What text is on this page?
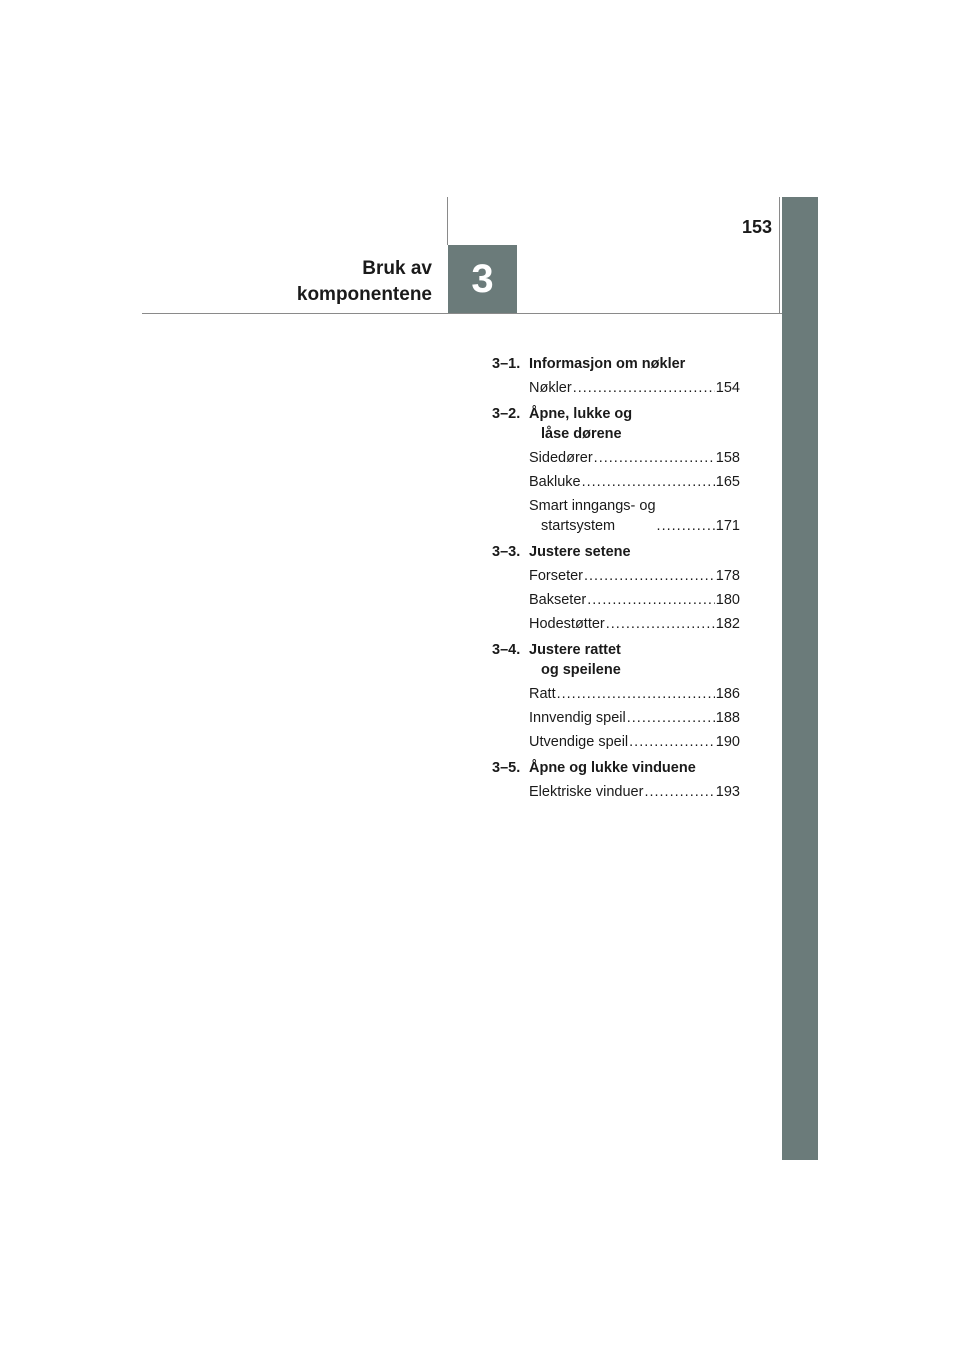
153
Bruk av
komponentene 3
3–1. Informasjon om nøkler
Nøkler .....	154
3–2. Åpne, lukke og
låse dørene
Sidedører .....	158
Bakluke .....	165
Smart inngangs- og
startsystem .....	171
3–3. Justere setene
Forseter .....	178
Bakseter .....	180
Hodestøtter .....	182
3–4. Justere rattet
og speilene
Ratt .....	186
Innvendig speil .....	188
Utvendige speil .....	190
3–5. Åpne og lukke vinduene
Elektriske vinduer .....	193
